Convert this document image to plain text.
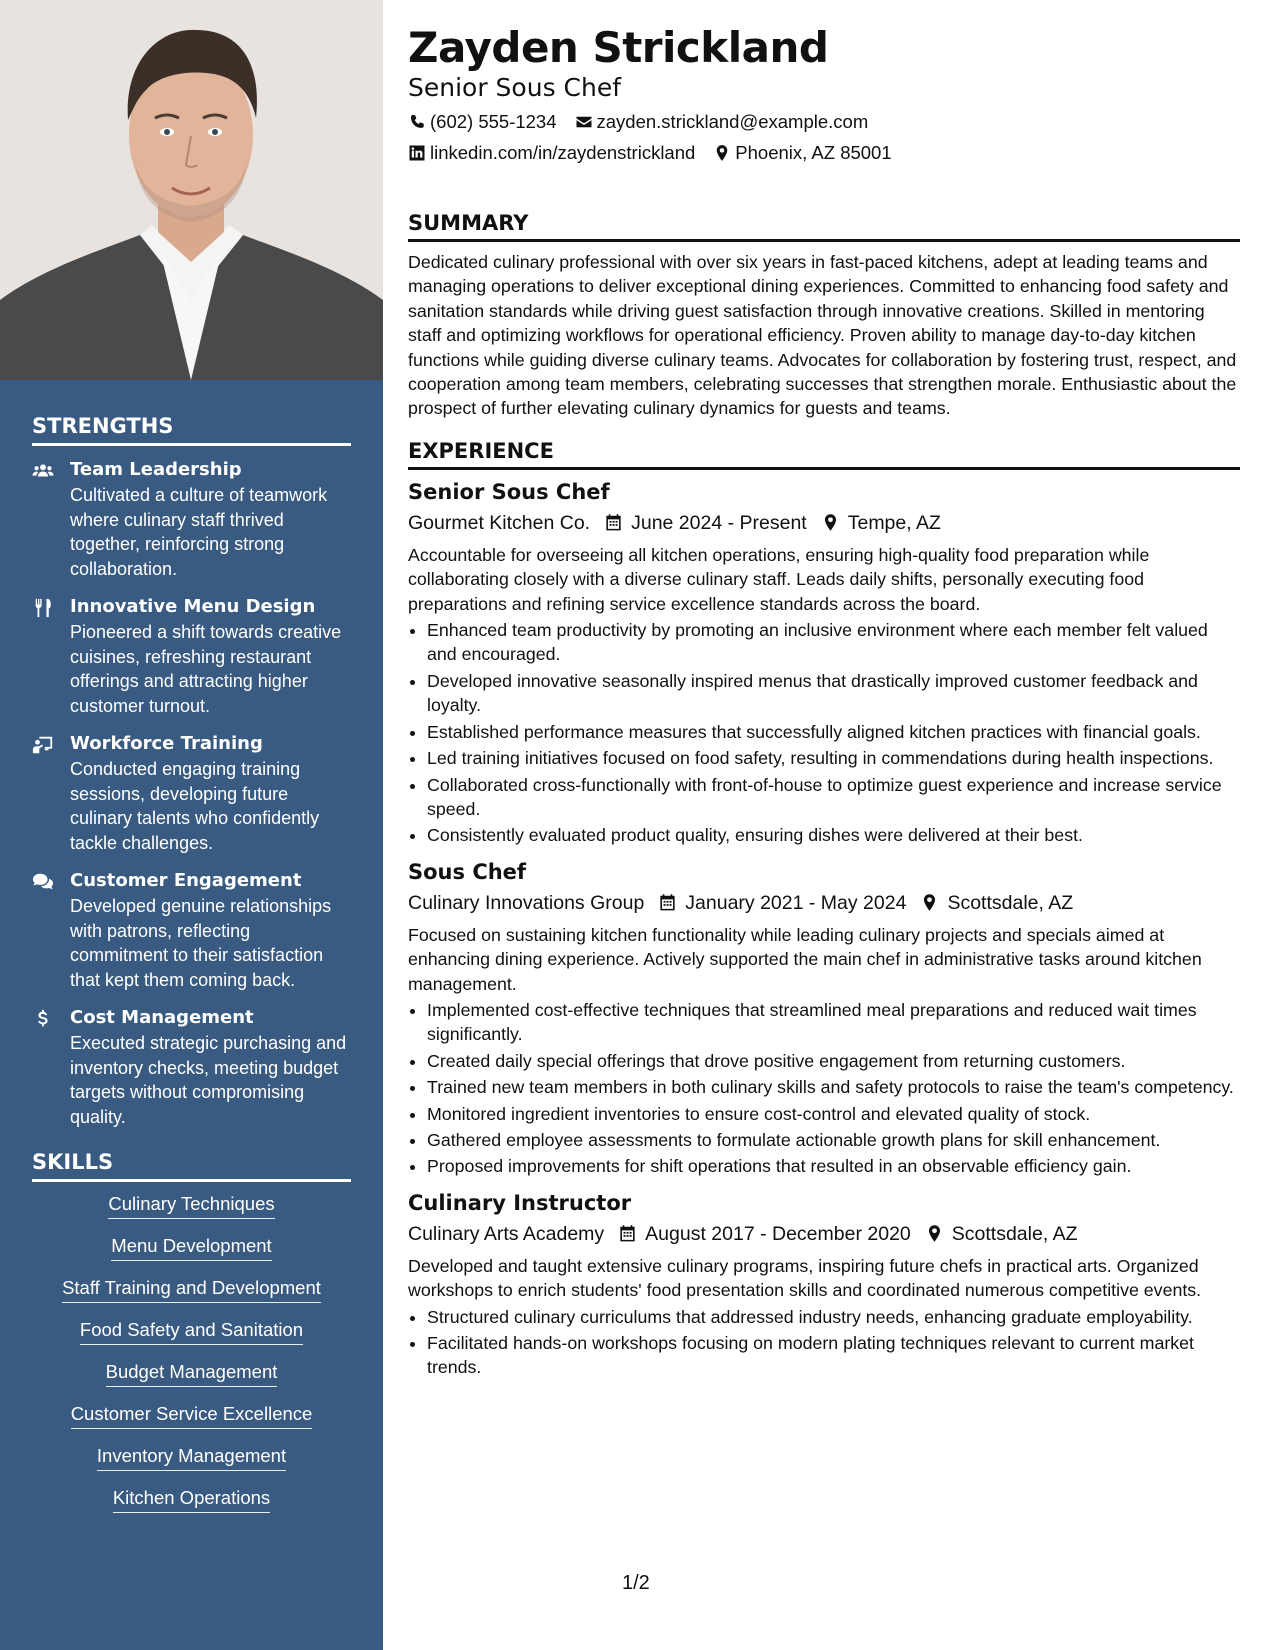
STRENGTHS
Team Leadership
Cultivated a culture of teamwork where culinary staff thrived together, reinforcing strong collaboration.
Innovative Menu Design
Pioneered a shift towards creative cuisines, refreshing restaurant offerings and attracting higher customer turnout.
Workforce Training
Conducted engaging training sessions, developing future culinary talents who confidently tackle challenges.
Customer Engagement
Developed genuine relationships with patrons, reflecting commitment to their satisfaction that kept them coming back.
Cost Management
Executed strategic purchasing and inventory checks, meeting budget targets without compromising quality.
SKILLS
Culinary Techniques
Menu Development
Staff Training and Development
Food Safety and Sanitation
Budget Management
Customer Service Excellence
Inventory Management
Kitchen Operations
Zayden Strickland
Senior Sous Chef
(602) 555-1234 zayden.strickland@example.com
linkedin.com/in/zaydenstrickland Phoenix, AZ 85001
SUMMARY

Dedicated culinary professional with over six years in fast-paced kitchens, adept at leading teams and managing operations to deliver exceptional dining experiences. Committed to enhancing food safety and sanitation standards while driving guest satisfaction through innovative creations. Skilled in mentoring staff and optimizing workflows for operational efficiency. Proven ability to manage day-to-day kitchen functions while guiding diverse culinary teams. Advocates for collaboration by fostering trust, respect, and cooperation among team members, celebrating successes that strengthen morale. Enthusiastic about the prospect of further elevating culinary dynamics for guests and teams.

EXPERIENCE
Senior Sous Chef
Gourmet Kitchen Co. June 2024 - Present Tempe, AZ

Accountable for overseeing all kitchen operations, ensuring high-quality food preparation while collaborating closely with a diverse culinary staff. Leads daily shifts, personally executing food preparations and refining service excellence standards across the board.

• Enhanced team productivity by promoting an inclusive environment where each member felt valued and encouraged.
• Developed innovative seasonally inspired menus that drastically improved customer feedback and loyalty.
• Established performance measures that successfully aligned kitchen practices with financial goals.
• Led training initiatives focused on food safety, resulting in commendations during health inspections.
• Collaborated cross-functionally with front-of-house to optimize guest experience and increase service speed.
• Consistently evaluated product quality, ensuring dishes were delivered at their best.
Sous Chef
Culinary Innovations Group January 2021 - May 2024 Scottsdale, AZ

Focused on sustaining kitchen functionality while leading culinary projects and specials aimed at enhancing dining experience. Actively supported the main chef in administrative tasks around kitchen management.

• Implemented cost-effective techniques that streamlined meal preparations and reduced wait times significantly.
• Created daily special offerings that drove positive engagement from returning customers.
• Trained new team members in both culinary skills and safety protocols to raise the team's competency.
• Monitored ingredient inventories to ensure cost-control and elevated quality of stock.
• Gathered employee assessments to formulate actionable growth plans for skill enhancement.
• Proposed improvements for shift operations that resulted in an observable efficiency gain.
Culinary Instructor
Culinary Arts Academy August 2017 - December 2020 Scottsdale, AZ

Developed and taught extensive culinary programs, inspiring future chefs in practical arts. Organized workshops to enrich students' food presentation skills and coordinated numerous competitive events.

• Structured culinary curriculums that addressed industry needs, enhancing graduate employability.
• Facilitated hands-on workshops focusing on modern plating techniques relevant to current market trends.
1/2
